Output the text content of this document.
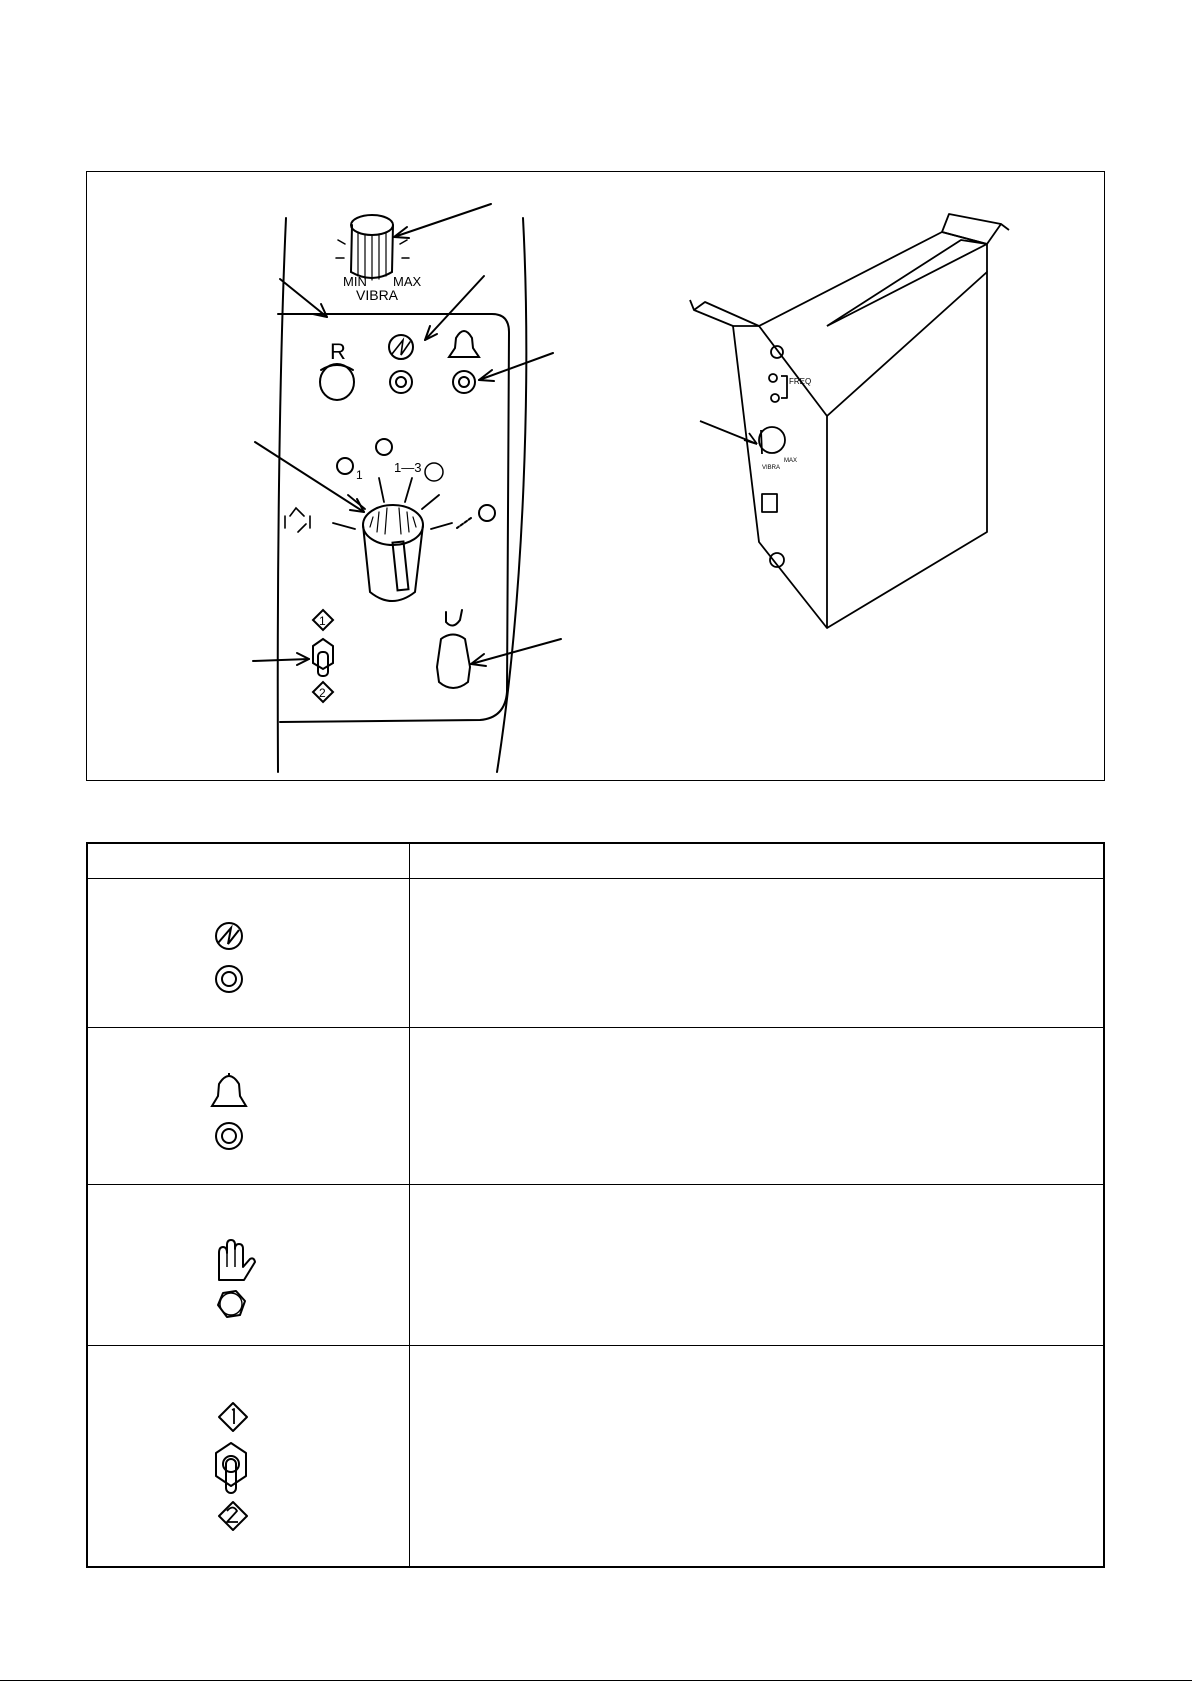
MIN MAX
VIBRA
R
1 1—3
1
2
FREQ
MAX
VIBRA
